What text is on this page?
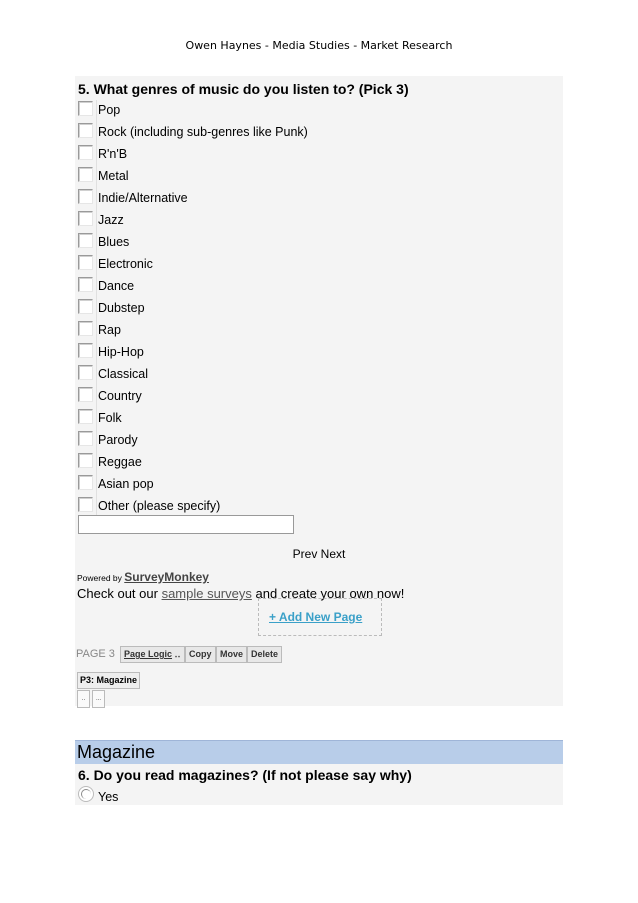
Owen Haynes - Media Studies - Market Research
5. What genres of music do you listen to? (Pick 3)
Pop
Rock (including sub-genres like Punk)
R'n'B
Metal
Indie/Alternative
Jazz
Blues
Electronic
Dance
Dubstep
Rap
Hip-Hop
Classical
Country
Folk
Parody
Reggae
Asian pop
Other (please specify)
Prev Next
Powered by SurveyMonkey
Check out our sample surveys and create your own now!
+ Add New Page
PAGE 3	Page Logic ‥ Copy Move Delete
P3: Magazine
..	...
Magazine
6. Do you read magazines? (If not please say why)
Yes
